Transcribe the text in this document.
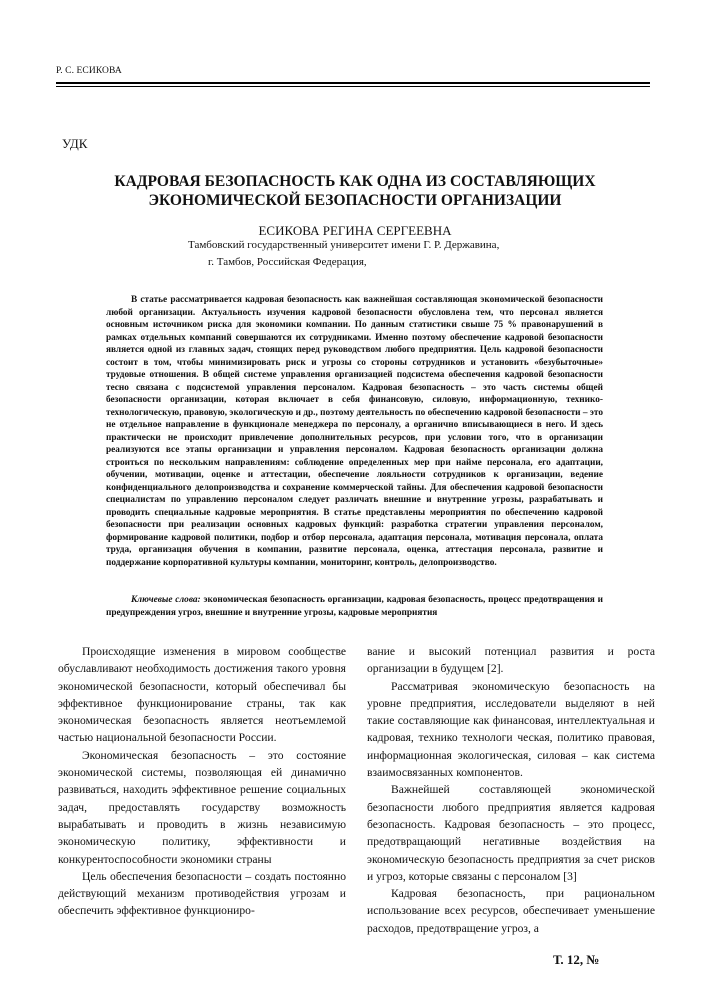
Р. С. ЕСИКОВА
УДК
КАДРОВАЯ БЕЗОПАСНОСТЬ КАК ОДНА ИЗ СОСТАВЛЯЮЩИХ
ЭКОНОМИЧЕСКОЙ БЕЗОПАСНОСТИ ОРГАНИЗАЦИИ
ЕСИКОВА РЕГИНА СЕРГЕЕВНА
Тамбовский государственный университет имени Г. Р. Державина,
г. Тамбов, Российская Федерация,

В статье рассматривается кадровая безопасность как важнейшая составляющая экономической безопасности любой организации. Актуальность изучения кадровой безопасности обусловлена тем, что персонал является основным источником риска для экономики компании. По данным статистики свыше 75 % правонарушений в рамках отдельных компаний совершаются их сотрудниками. Именно поэтому обеспечение кадровой безопасности является одной из главных задач, стоящих перед руководством любого предприятия. Цель кадровой безопасности состоит в том, чтобы минимизировать риск и угрозы со стороны сотрудников и установить «безубыточные» трудовые отношения. В общей системе управления организацией подсистема обеспечения кадровой безопасности тесно связана с подсистемой управления персоналом. Кадровая безопасность – это часть системы общей безопасности организации, которая включает в себя финансовую, силовую, информационную, технико-технологическую, правовую, экологическую и др., поэтому деятельность по обеспечению кадровой безопасности – это не отдельное направление в функционале менеджера по персоналу, а органично вписывающиеся в него. И здесь практически не происходит привлечение дополнительных ресурсов, при условии того, что в организации реализуются все этапы организации и управления персоналом. Кадровая безопасность организации должна строиться по нескольким направлениям: соблюдение определенных мер при найме персонала, его адаптации, обучении, мотивации, оценке и аттестации, обеспечение лояльности сотрудников к организации, ведение конфиденциального делопроизводства и сохранение коммерческой тайны. Для обеспечения кадровой безопасности специалистам по управлению персоналом следует различать внешние и внутренние угрозы, разрабатывать и проводить специальные кадровые мероприятия. В статье представлены мероприятия по обеспечению кадровой безопасности при реализации основных кадровых функций: разработка стратегии управления персоналом, формирование кадровой политики, подбор и отбор персонала, адаптация персонала, мотивация персонала, оплата труда, организация обучения в компании, развитие персонала, оценка, аттестация персонала, развитие и поддержание корпоративной культуры компании, мониторинг, контроль, делопроизводство.

Ключевые слова: экономическая безопасность организации, кадровая безопасность, процесс предотвращения и предупреждения угроз, внешние и внутренние угрозы, кадровые мероприятия

Происходящие изменения в мировом сообществе обуславливают необходимость достижения такого уровня экономической безопасности, который обеспечивал бы эффективное функционирование страны, так как экономическая безопасность является неотъемлемой частью национальной безопасности России.

Экономическая безопасность – это состояние экономической системы, позволяющая ей динамично развиваться, находить эффективное решение социальных задач, предоставлять государству возможность вырабатывать и проводить в жизнь независимую экономическую политику, эффективности и конкурентоспособности экономики страны

Цель обеспечения безопасности – создать постоянно действующий механизм противодействия угрозам и обеспечить эффективное функциониро-

вание и высокий потенциал развития и роста организации в будущем [2].

Рассматривая экономическую безопасность на уровне предприятия, исследователи выделяют в ней такие составляющие как финансовая, интеллектуальная и кадровая, технико технологи ческая, политико правовая, информационная экологическая, силовая – как система взаимосвязанных компонентов.

Важнейшей составляющей экономической безопасности любого предприятия является кадровая безопасность. Кадровая безопасность – это процесс, предотвращающий негативные воздействия на экономическую безопасность предприятия за счет рисков и угроз, которые связаны с персоналом [3]

Кадровая безопасность, при рациональном использование всех ресурсов, обеспечивает уменьшение расходов, предотвращение угроз, а

Т. 12, №
